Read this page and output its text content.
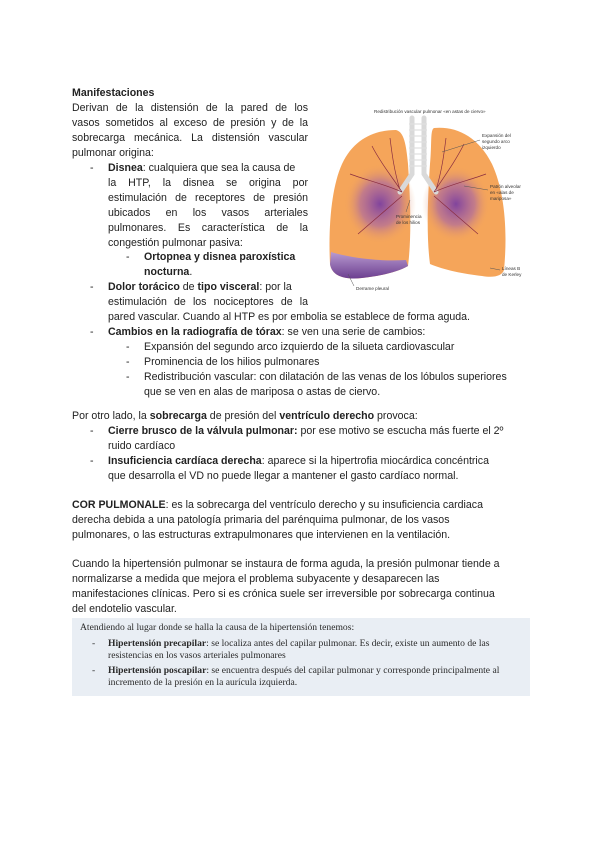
Manifestaciones
Derivan de la distensión de la pared de los
vasos sometidos al exceso de presión y de la
sobrecarga mecánica. La distensión vascular
pulmonar origina:
-	Disnea: cualquiera que sea la causa de
la HTP, la disnea se origina por
estimulación de receptores de presión
ubicados en los vasos arteriales
pulmonares. Es característica de la
congestión pulmonar pasiva:
-	Ortopnea y disnea paroxística
nocturna.
-	Dolor torácico de tipo visceral: por la
estimulación de los nociceptores de la
pared vascular. Cuando al HTP es por embolia se establece de forma aguda.
-	Cambios en la radiografía de tórax: se ven una serie de cambios:
-	Expansión del segundo arco izquierdo de la silueta cardiovascular
-	Prominencia de los hilios pulmonares
-	Redistribución vascular: con dilatación de las venas de los lóbulos superiores
que se ven en alas de mariposa o astas de ciervo.
Por otro lado, la sobrecarga de presión del ventrículo derecho provoca:
-	Cierre brusco de la válvula pulmonar: por ese motivo se escucha más fuerte el 2º
ruido cardíaco
-	Insuficiencia cardíaca derecha: aparece si la hipertrofia miocárdica concéntrica
que desarrolla el VD no puede llegar a mantener el gasto cardíaco normal.
COR PULMONALE: es la sobrecarga del ventrículo derecho y su insuficiencia cardiaca
derecha debida a una patología primaria del parénquima pulmonar, de los vasos
pulmonares, o las estructuras extrapulmonares que intervienen en la ventilación.
Cuando la hipertensión pulmonar se instaura de forma aguda, la presión pulmonar tiende a
normalizarse a medida que mejora el problema subyacente y desaparecen las
manifestaciones clínicas. Pero si es crónica suele ser irreversible por sobrecarga continua
del endotelio vascular.
Atendiendo al lugar donde se halla la causa de la hipertensión tenemos:
- Hipertensión precapilar: se localiza antes del capilar pulmonar. Es decir, existe un aumento de las
resistencias en los vasos arteriales pulmonares
- Hipertensión poscapilar: se encuentra después del capilar pulmonar y corresponde principalmente al
incremento de la presión en la aurícula izquierda.
Redistribución vascular pulmonar «en astas de ciervo»
Expansión del
segundo arco
izquierdo
Patrón alveolar
en «alas de
mariposa»
Prominencia
de los hilios
Líneas B
de Kerley
Derrame pleural
